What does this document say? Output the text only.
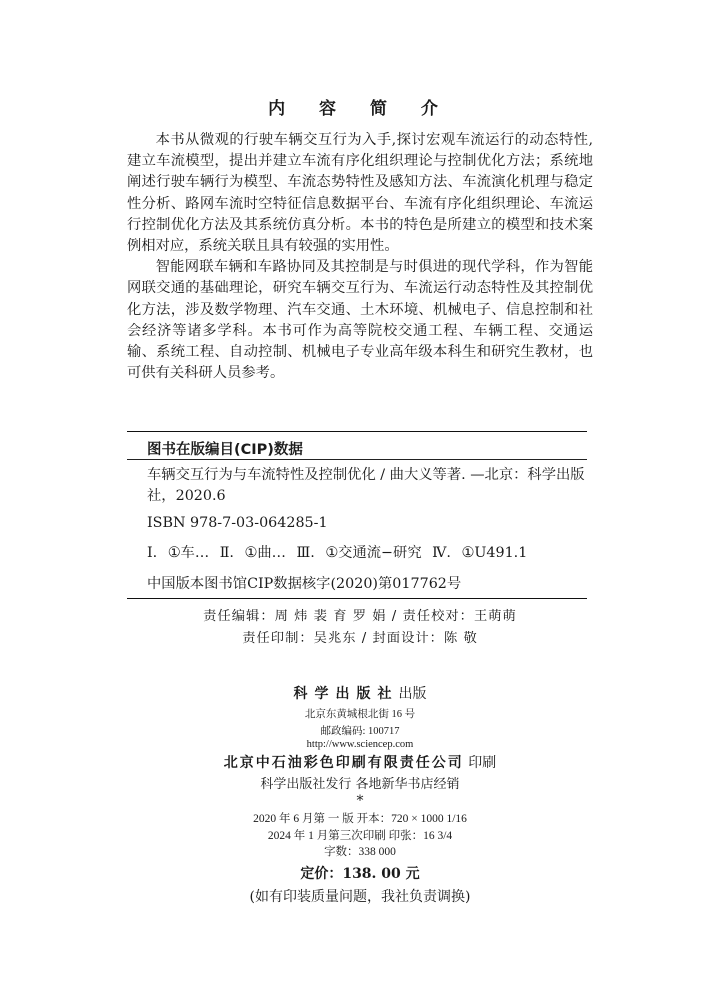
内 容 简 介

本书从微观的行驶车辆交互行为入手,探讨宏观车流运行的动态特性,建立车流模型，提出并建立车流有序化组织理论与控制优化方法；系统地阐述行驶车辆行为模型、车流态势特性及感知方法、车流演化机理与稳定性分析、路网车流时空特征信息数据平台、车流有序化组织理论、车流运行控制优化方法及其系统仿真分析。本书的特色是所建立的模型和技术案例相对应，系统关联且具有较强的实用性。

智能网联车辆和车路协同及其控制是与时俱进的现代学科，作为智能网联交通的基础理论，研究车辆交互行为、车流运行动态特性及其控制优化方法，涉及数学物理、汽车交通、土木环境、机械电子、信息控制和社会经济等诸多学科。本书可作为高等院校交通工程、车辆工程、交通运输、系统工程、自动控制、机械电子专业高年级本科生和研究生教材，也可供有关科研人员参考。

图书在版编目(CIP)数据
车辆交互行为与车流特性及控制优化 / 曲大义等著. —北京：科学出版社，2020.6
ISBN 978-7-03-064285-1
Ⅰ. ①车… Ⅱ. ①曲… Ⅲ. ①交通流−研究 Ⅳ. ①U491.1
中国版本图书馆CIP数据核字(2020)第017762号
责任编辑：周 炜 裴 育 罗 娟 / 责任校对：王萌萌
责任印制：吴兆东 / 封面设计：陈 敬
科学出版社出版
北京东黄城根北街 16 号
邮政编码: 100717
http://www.sciencep.com
北京中石油彩色印刷有限责任公司 印刷
科学出版社发行 各地新华书店经销
*
2020 年 6 月第 一 版 开本：720 × 1000 1/16
2024 年 1 月第三次印刷 印张：16 3/4
字数：338 000
定价：138. 00 元
(如有印装质量问题，我社负责调换)
